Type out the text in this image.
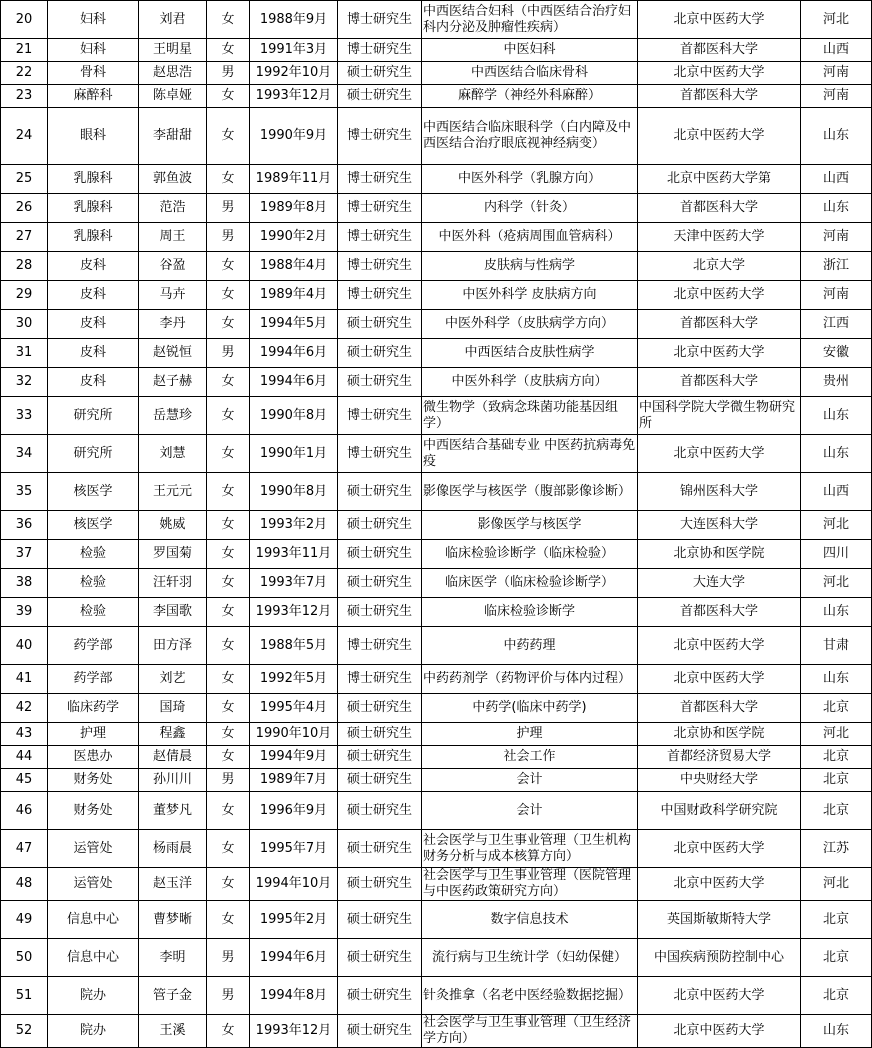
20	妇科	刘君	女	1988年9月	博士研究生	中西医结合妇科（中西医结合治疗妇科内分泌及肿瘤性疾病）	北京中医药大学	河北
21	妇科	王明星	女	1991年3月	博士研究生	中医妇科	首都医科大学	山西
22	骨科	赵思浩	男	1992年10月	硕士研究生	中西医结合临床骨科	北京中医药大学	河南
23	麻醉科	陈卓娅	女	1993年12月	硕士研究生	麻醉学（神经外科麻醉）	首都医科大学	河南
24	眼科	李甜甜	女	1990年9月	博士研究生	中西医结合临床眼科学（白内障及中西医结合治疗眼底视神经病变）	北京中医药大学	山东
25	乳腺科	郭鱼波	女	1989年11月	博士研究生	中医外科学（乳腺方向）	北京中医药大学第	山西
26	乳腺科	范浩	男	1989年8月	博士研究生	内科学（针灸）	首都医科大学	山东
27	乳腺科	周王	男	1990年2月	博士研究生	中医外科（疮病周围血管病科）	天津中医药大学	河南
28	皮科	谷盈	女	1988年4月	博士研究生	皮肤病与性病学	北京大学	浙江
29	皮科	马卉	女	1989年4月	博士研究生	中医外科学 皮肤病方向	北京中医药大学	河南
30	皮科	李丹	女	1994年5月	硕士研究生	中医外科学（皮肤病学方向）	首都医科大学	江西
31	皮科	赵锐恒	男	1994年6月	硕士研究生	中西医结合皮肤性病学	北京中医药大学	安徽
32	皮科	赵子赫	女	1994年6月	硕士研究生	中医外科学（皮肤病方向）	首都医科大学	贵州
33	研究所	岳慧珍	女	1990年8月	博士研究生	微生物学（致病念珠菌功能基因组学）	中国科学院大学微生物研究所	山东
34	研究所	刘慧	女	1990年1月	博士研究生	中西医结合基础专业 中医药抗病毒免疫	北京中医药大学	山东
35	核医学	王元元	女	1990年8月	硕士研究生	影像医学与核医学（腹部影像诊断）	锦州医科大学	山西
36	核医学	姚威	女	1993年2月	硕士研究生	影像医学与核医学	大连医科大学	河北
37	检验	罗国菊	女	1993年11月	硕士研究生	临床检验诊断学（临床检验）	北京协和医学院	四川
38	检验	汪轩羽	女	1993年7月	硕士研究生	临床医学（临床检验诊断学）	大连大学	河北
39	检验	李国歌	女	1993年12月	硕士研究生	临床检验诊断学	首都医科大学	山东
40	药学部	田方泽	女	1988年5月	博士研究生	中药药理	北京中医药大学	甘肃
41	药学部	刘艺	女	1992年5月	博士研究生	中药药剂学（药物评价与体内过程）	北京中医药大学	山东
42	临床药学	国琦	女	1995年4月	硕士研究生	中药学(临床中药学)	首都医科大学	北京
43	护理	程鑫	女	1990年10月	硕士研究生	护理	北京协和医学院	河北
44	医患办	赵倩晨	女	1994年9月	硕士研究生	社会工作	首都经济贸易大学	北京
45	财务处	孙川川	男	1989年7月	硕士研究生	会计	中央财经大学	北京
46	财务处	董梦凡	女	1996年9月	硕士研究生	会计	中国财政科学研究院	北京
47	运管处	杨雨晨	女	1995年7月	硕士研究生	社会医学与卫生事业管理（卫生机构财务分析与成本核算方向）	北京中医药大学	江苏
48	运管处	赵玉洋	女	1994年10月	硕士研究生	社会医学与卫生事业管理（医院管理与中医药政策研究方向）	北京中医药大学	河北
49	信息中心	曹梦晰	女	1995年2月	硕士研究生	数字信息技术	英国斯敏斯特大学	北京
50	信息中心	李明	男	1994年6月	硕士研究生	流行病与卫生统计学（妇幼保健）	中国疾病预防控制中心	北京
51	院办	管子金	男	1994年8月	硕士研究生	针灸推拿（名老中医经验数据挖掘）	北京中医药大学	北京
52	院办	王溪	女	1993年12月	硕士研究生	社会医学与卫生事业管理（卫生经济学方向）	北京中医药大学	山东
